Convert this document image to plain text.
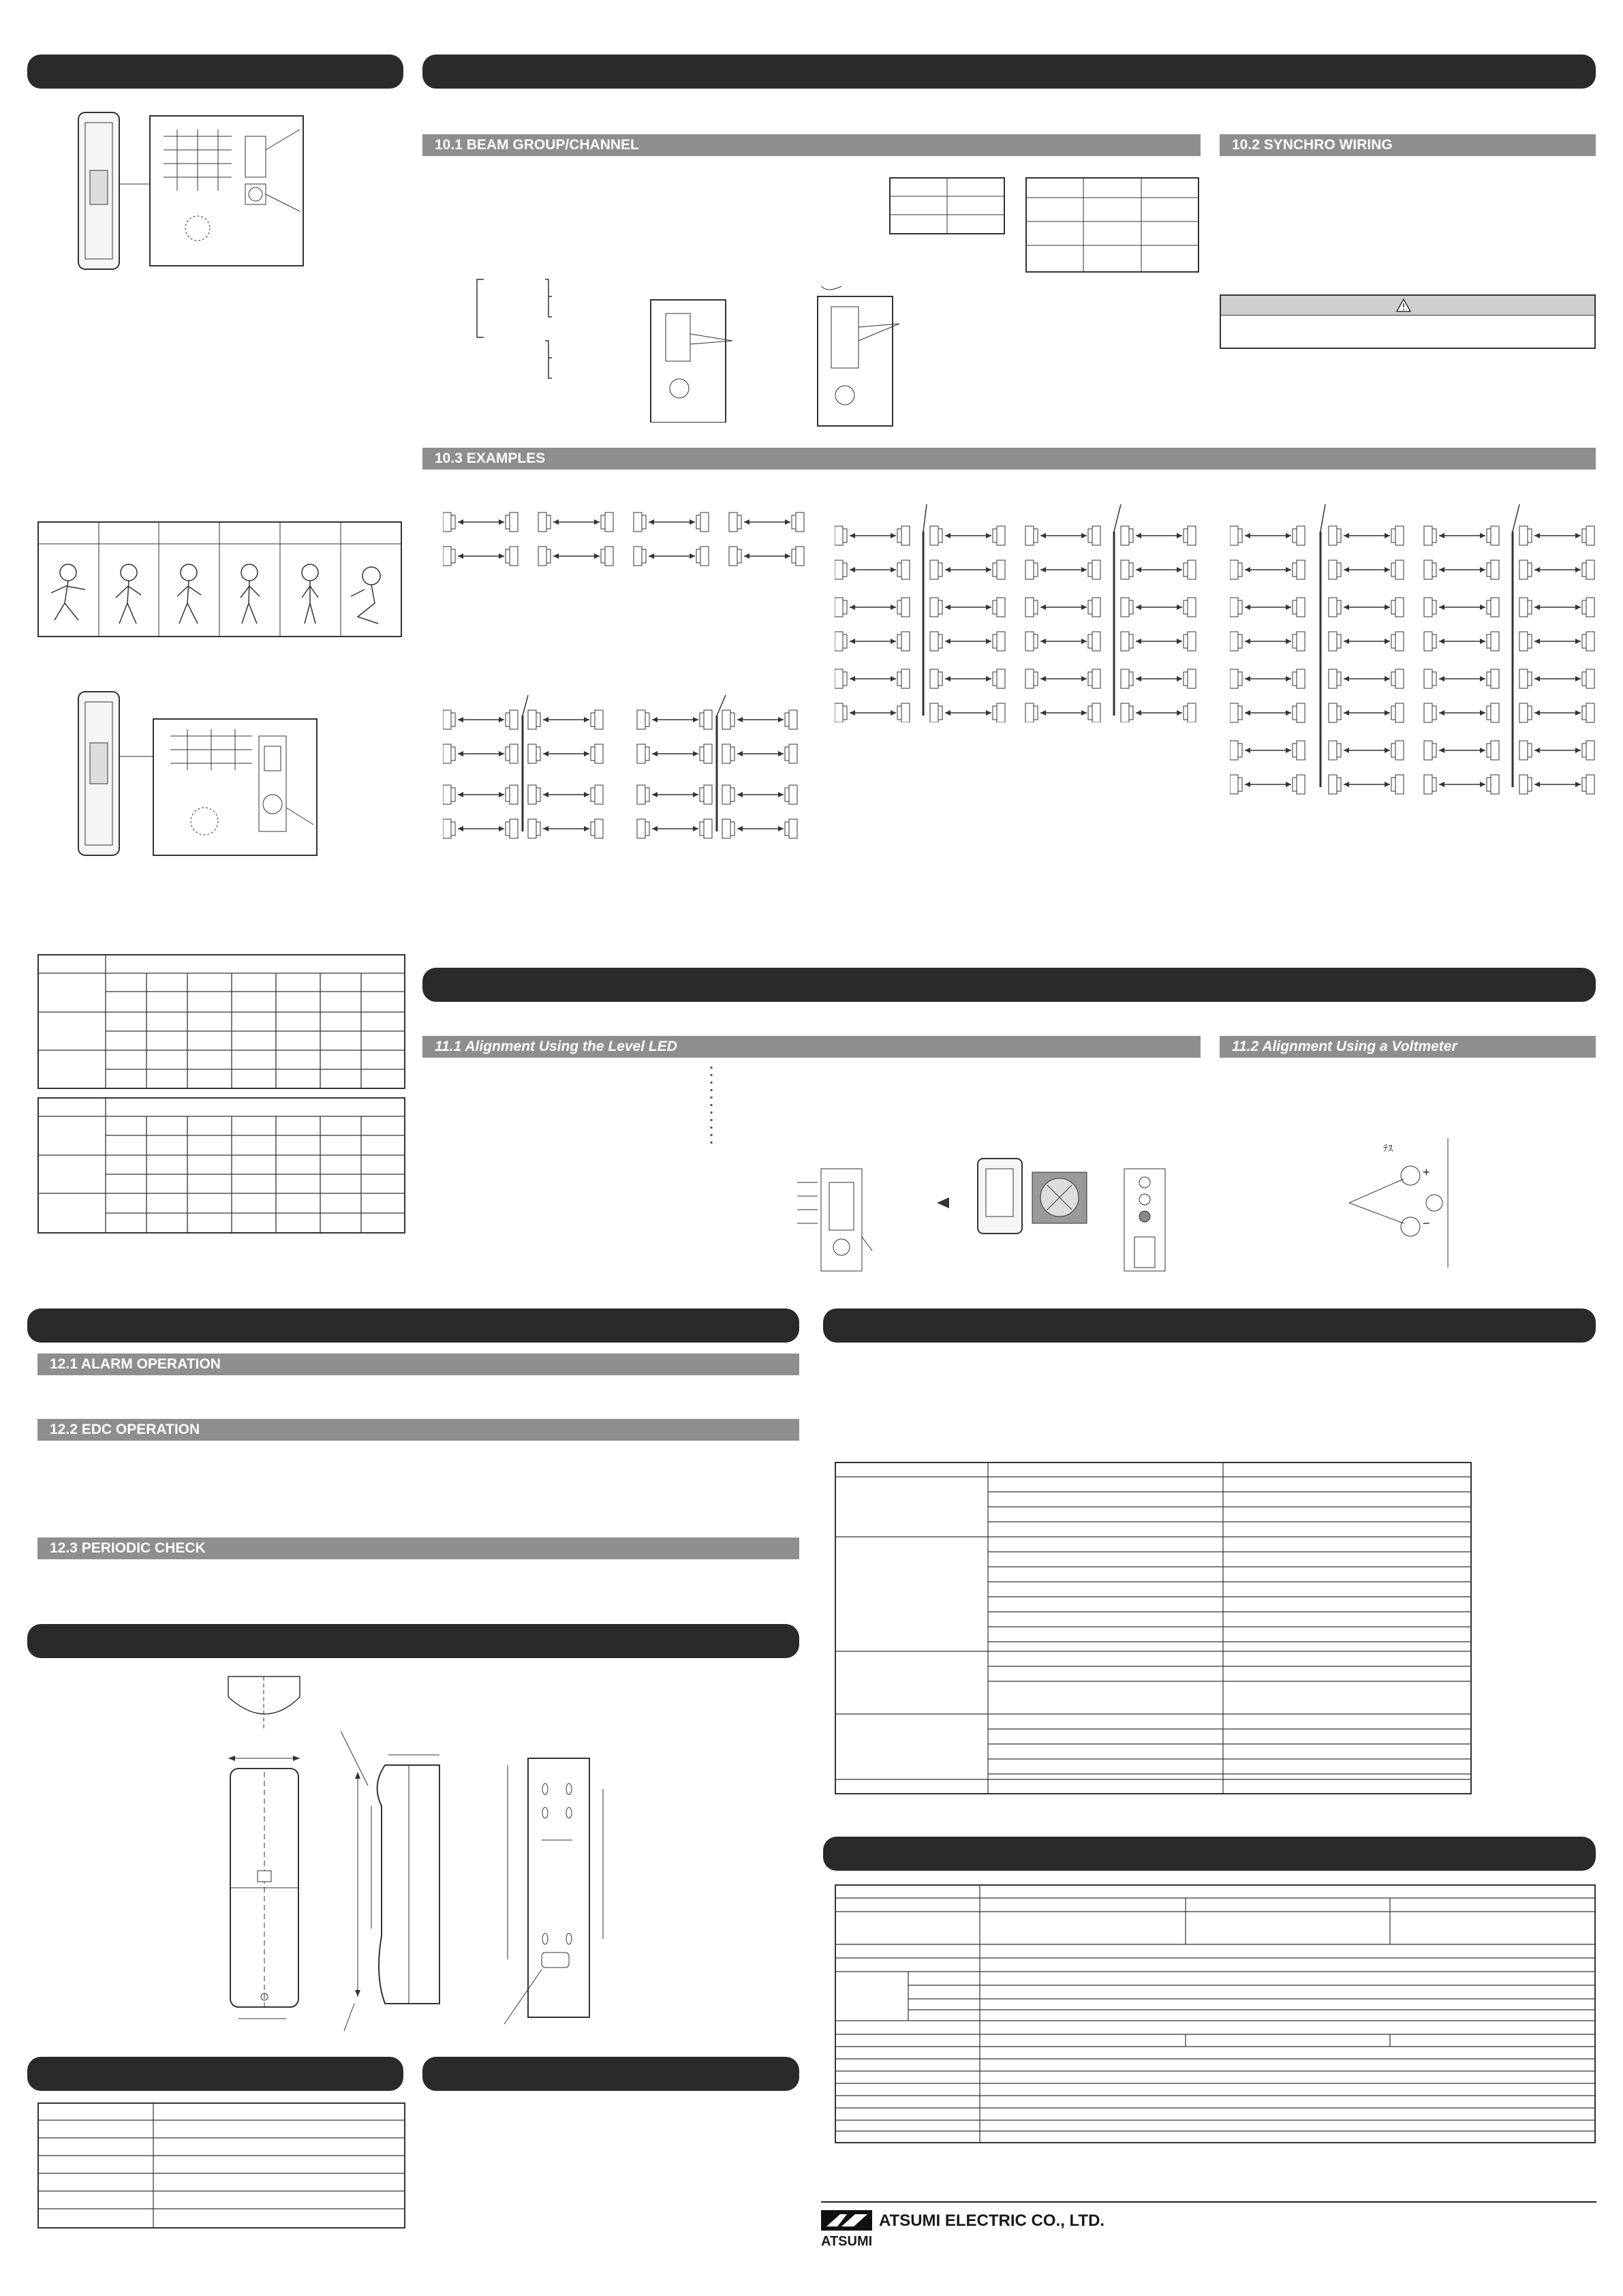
10.1 BEAM GROUP/CHANNEL	10.2 SYNCHRO WIRING
10.3 EXAMPLES
11.1 Alignment Using the Level LED	11.2 Alignment Using a Voltmeter
+
−
ﾃｽ
12.1 ALARM OPERATION
12.2 EDC OPERATION
12.3 PERIODIC CHECK
ATSUMI ELECTRIC CO., LTD.
ATSUMI
